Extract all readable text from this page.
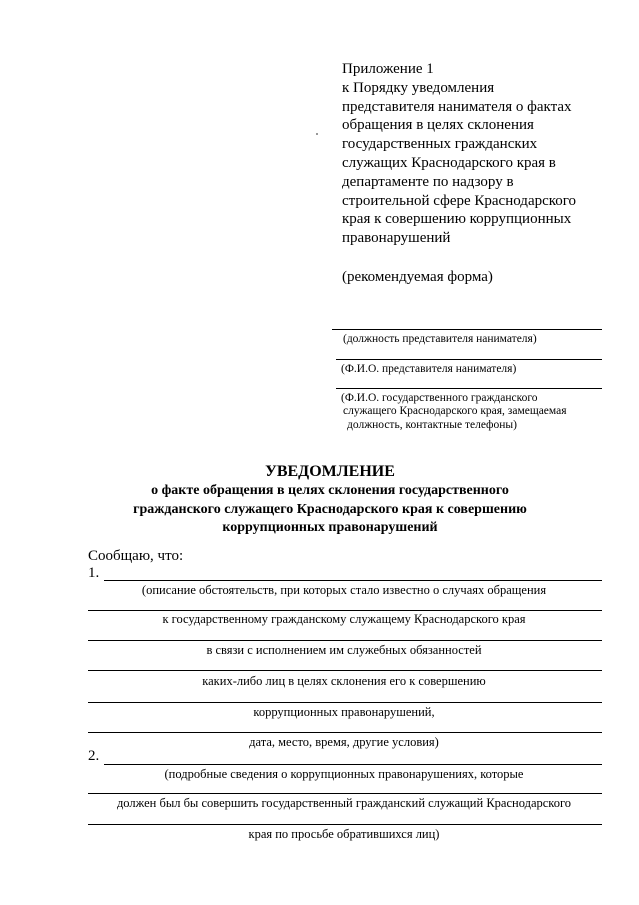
Приложение 1
к Порядку уведомления
представителя нанимателя о фактах
обращения в целях склонения
государственных гражданских
служащих Краснодарского края в
департаменте по надзору в
строительной сфере Краснодарского
края к совершению коррупционных
правонарушений
(рекомендуемая форма)
(должность представителя нанимателя)
(Ф.И.О. представителя нанимателя)
(Ф.И.О. государственного гражданского
служащего Краснодарского края, замещаемая
должность, контактные телефоны)
УВЕДОМЛЕНИЕ
о факте обращения в целях склонения государственного
гражданского служащего Краснодарского края к совершению
коррупционных правонарушений
Сообщаю, что:
1.
(описание обстоятельств, при которых стало известно о случаях обращения
к государственному гражданскому служащему Краснодарского края
в связи с исполнением им служебных обязанностей
каких-либо лиц в целях склонения его к совершению
коррупционных правонарушений,
дата, место, время, другие условия)
2.
(подробные сведения о коррупционных правонарушениях, которые
должен был бы совершить государственный гражданский служащий Краснодарского
края по просьбе обратившихся лиц)
